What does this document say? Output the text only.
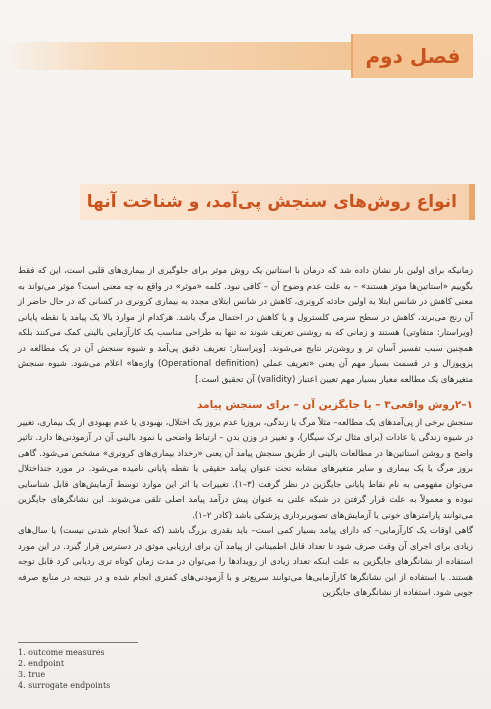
فصل دوم
انواع روش‌های سنجش پی‌آمد، و شناخت آنها

زمانیکه برای اولین بار نشان داده شد که درمان با استاتین یک روش موثر برای جلوگیری از بیماری‌های قلبی است، این که فقط بگوییم «استاتین‌ها موثر هستند» – به علت عدم وضوح آن – کافی نبود. کلمه «موثر» در واقع به چه معنی است؟ موثر می‌تواند به معنی کاهش در شانس ابتلا به اولین حادثه کرونری، کاهش در شانس ابتلای مجدد به بیماری کرونری در کسانی که در حال حاضر از آن رنج می‌برند، کاهش در سطح سرمی کلسترول و یا کاهش در احتمال مرگ باشد. هرکدام از موارد بالا یک پیامد یا نقطه پایانی (ویراستار: متفاوتی) هستند و زمانی که به روشنی تعریف شوند نه تنها به طراحی مناسب یک کارآزمایی بالینی کمک می‌کنند بلکه همچنین سبب تفسیر آسان تر و روشن‌تر نتایج می‌شوند. [ویراستار: تعریف دقیق پی‌آمد و شیوه سنجش آن در یک مطالعه در پروپوزال و در قسمت بسیار مهم آن یعنی «تعریف عملی (Operational definition) واژه‌ها» اعلام می‌شود. شیوه سنجش متغیرهای یک مطالعه معیار بسیار مهم تعیین اعتبار (validity) آن تحقیق است.]

۱–۲روش واقعی۳ – یا جایگزین آن – برای سنجش پیامد

سنجش برخی از پی‌آمدهای یک مطالعه– مثلاً مرگ یا زندگی، بروزیا عدم بروز یک اختلال، بهبودی یا عدم بهبودی از یک بیماری، تغییر در شیوه زندگی یا عادات (برای مثال ترک سیگار)، و تغییر در وزن بدن – ارتباط واضحی با نمود بالینی آن در آزمودنی‌ها دارد. تاثیر واضح و روشن استاتین‌ها در مطالعات بالینی از طریق سنجش پیامد آن یعنی «رخداد بیماری‌های کرونری» مشخص می‌شود. گاهی بروز مرگ یا یک بیماری و سایر متغیرهای مشابه تحت عنوان پیامد حقیقی یا نقطه پایانی نامیده می‌شود. در مورد جنداختلال می‌توان مفهومی به نام نقاط پایانی جایگزین در نظر گرفت (۳–۱). تغییرات یا اثر این موارد توسط آزمایش‌های قابل شناسایی نبوده و معمولاً به علت قرار گرفتن در شبکه علتی به عنوان پیش درآمد پیامد اصلی تلقی می‌شوند. این نشانگرهای جایگزین می‌توانند پارامترهای خونی یا آزمایش‌های تصویربرداری پزشکی باشد (کادر ۲–۱).

گاهی اوقات یک کارآزمایی– که دارای پیامد بسیار کمی است– باید بقدری بزرگ باشد (که عملاً انجام شدنی نیست) یا سال‌های زیادی برای اجرای آن وقت صرف شود تا تعداد قابل اطمینانی از پیامد آن برای ارزیابی موثق در دسترس قرار گیرد. در این مورد استفاده از نشانگرهای جایگزین به علت اینکه تعداد زیادی از رویدادها را می‌توان در مدت زمان کوتاه تری ردیابی کرد قابل توجه هستند. با استفاده از این نشانگرها کارآزمایی‌ها می‌توانند سریع‌تر و با آزمودنی‌های کمتری انجام شده و در نتیجه در منابع صرفه جویی شود. استفاده از نشانگرهای جایگزین

1. outcome measures

2. endpoint

3. true

4. surrogate endpoints
